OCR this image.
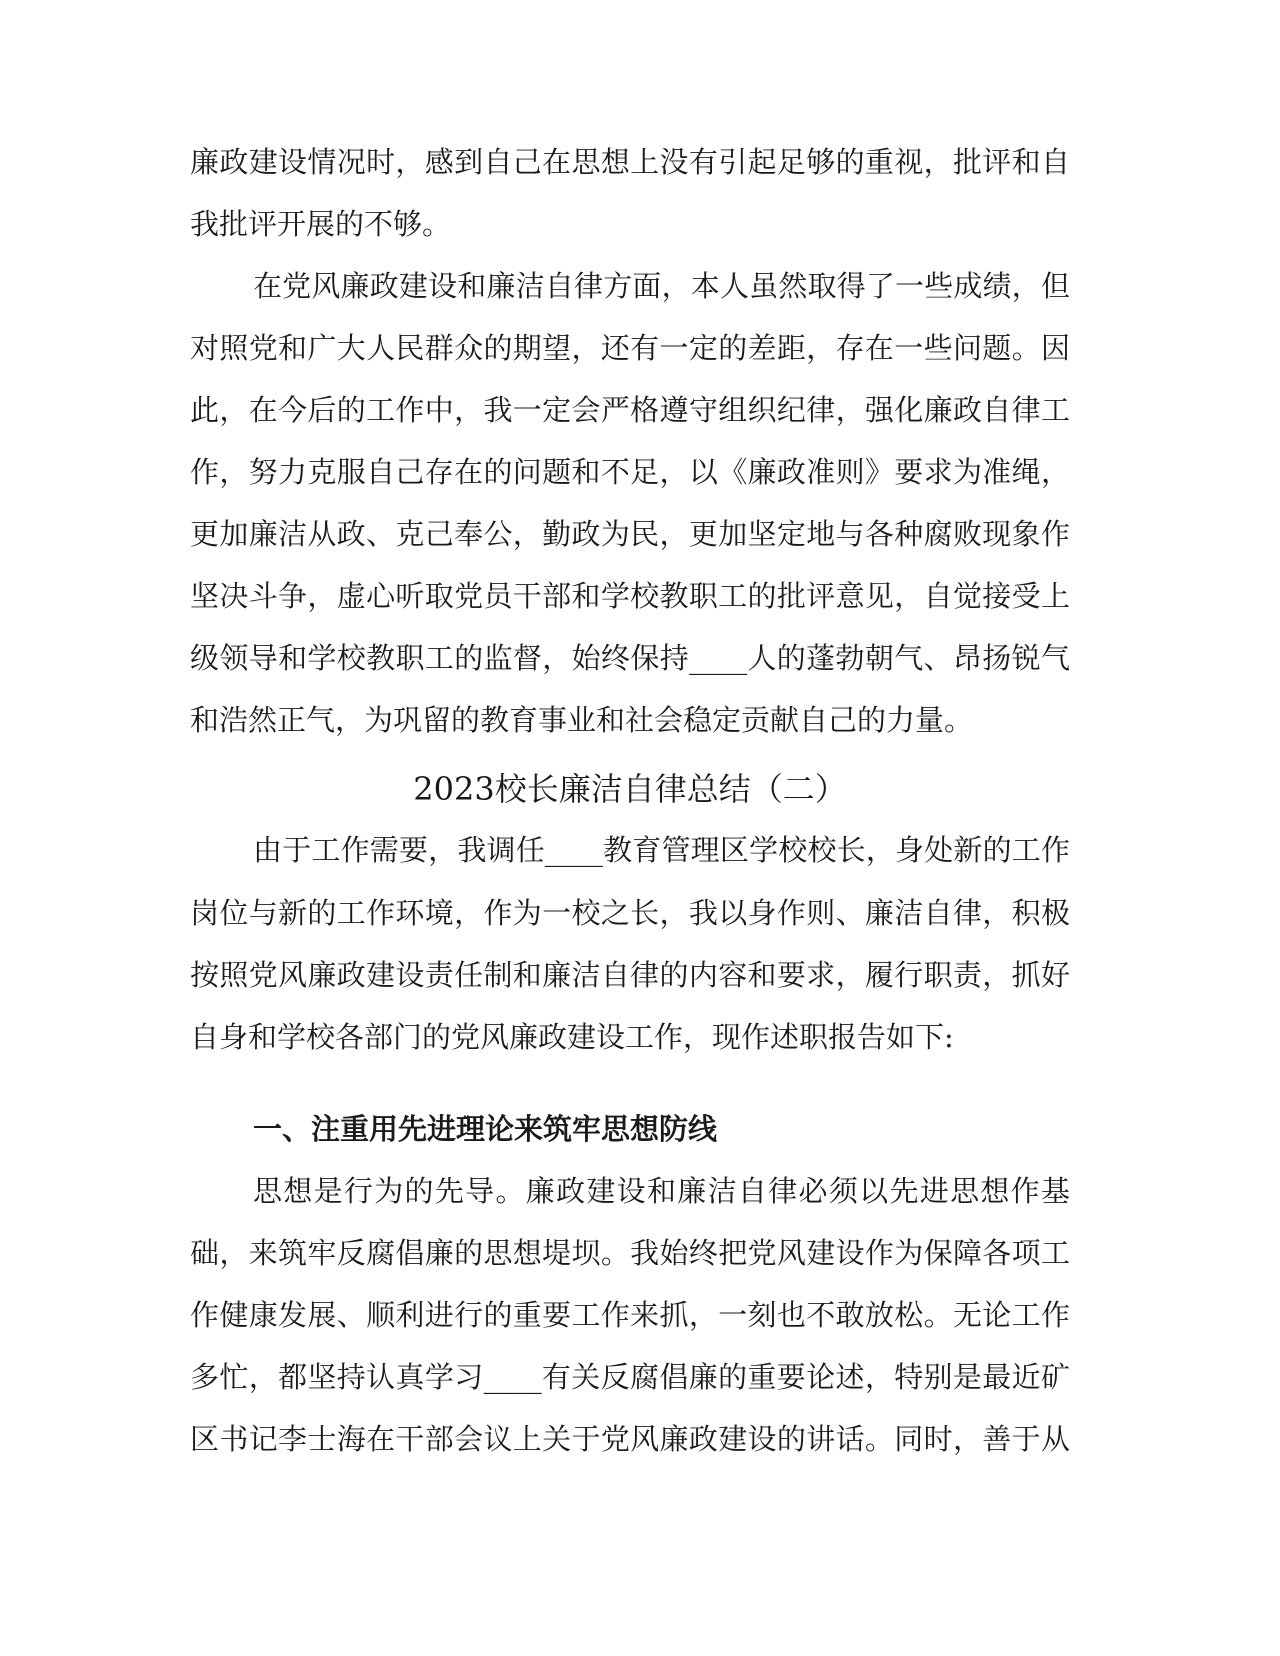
廉政建设情况时，感到自己在思想上没有引起足够的重视，批评和自
我批评开展的不够。
在党风廉政建设和廉洁自律方面，本人虽然取得了一些成绩，但
对照党和广大人民群众的期望，还有一定的差距，存在一些问题。因
此，在今后的工作中，我一定会严格遵守组织纪律，强化廉政自律工
作，努力克服自己存在的问题和不足，以《廉政准则》要求为准绳，
更加廉洁从政、克己奉公，勤政为民，更加坚定地与各种腐败现象作
坚决斗争，虚心听取党员干部和学校教职工的批评意见，自觉接受上
级领导和学校教职工的监督，始终保持____人的蓬勃朝气、昂扬锐气
和浩然正气，为巩留的教育事业和社会稳定贡献自己的力量。
2023校长廉洁自律总结（二）
由于工作需要，我调任____教育管理区学校校长，身处新的工作
岗位与新的工作环境，作为一校之长，我以身作则、廉洁自律，积极
按照党风廉政建设责任制和廉洁自律的内容和要求，履行职责，抓好
自身和学校各部门的党风廉政建设工作，现作述职报告如下:
一、注重用先进理论来筑牢思想防线
思想是行为的先导。廉政建设和廉洁自律必须以先进思想作基
础，来筑牢反腐倡廉的思想堤坝。我始终把党风建设作为保障各项工
作健康发展、顺利进行的重要工作来抓，一刻也不敢放松。无论工作
多忙，都坚持认真学习____有关反腐倡廉的重要论述，特别是最近矿
区书记李士海在干部会议上关于党风廉政建设的讲话。同时，善于从
